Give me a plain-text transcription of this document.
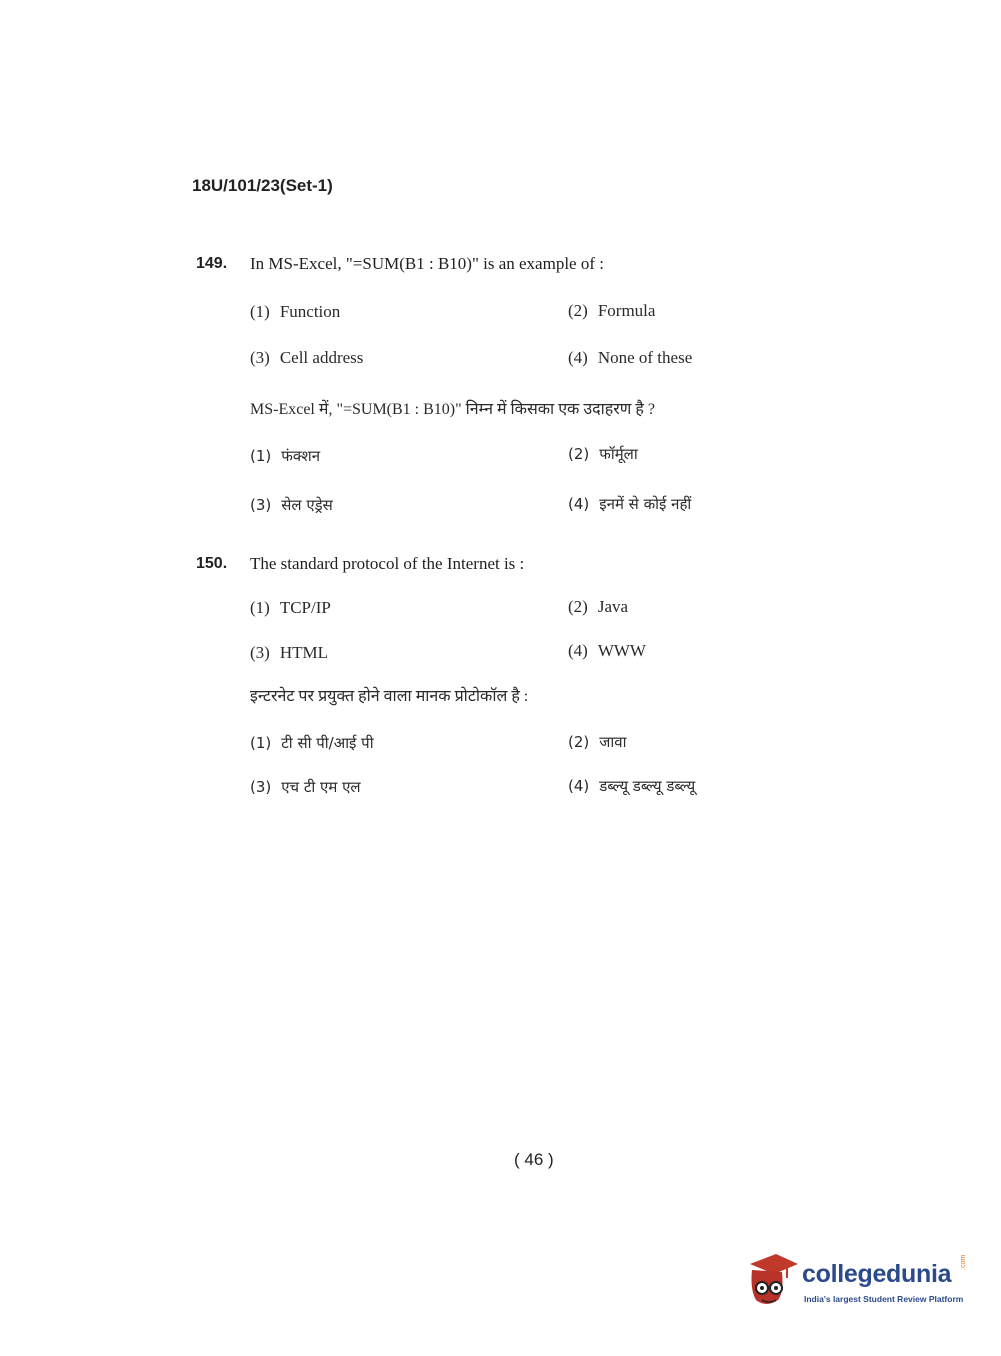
18U/101/23(Set-1)
149. In MS-Excel, "=SUM(B1 : B10)" is an example of :
(1) Function	(2) Formula
(3) Cell address	(4) None of these
MS-Excel में, "=SUM(B1 : B10)" निम्न में किसका एक उदाहरण है ?
(1) फंक्शन	(2) फॉर्मूला
(3) सेल एड्रेस	(4) इनमें से कोई नहीं
150. The standard protocol of the Internet is :
(1) TCP/IP	(2) Java
(3) HTML	(4) WWW
इन्टरनेट पर प्रयुक्त होने वाला मानक प्रोटोकॉल है :
(1) टी सी पी/आई पी	(2) जावा
(3) एच टी एम एल	(4) डब्ल्यू डब्ल्यू डब्ल्यू
( 46 )
collegedunia .com
India's largest Student Review Platform
